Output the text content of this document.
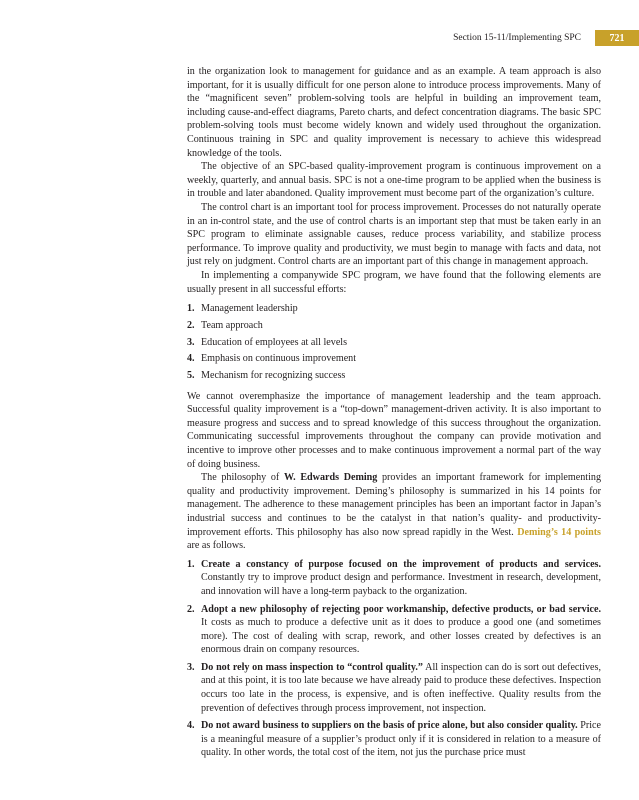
Section 15-11/Implementing SPC	721

in the organization look to management for guidance and as an example. A team approach is also important, for it is usually difficult for one person alone to introduce process improvements. Many of the “magnificent seven” problem-solving tools are helpful in building an improvement team, including cause-and-effect diagrams, Pareto charts, and defect concentration diagrams. The basic SPC problem-solving tools must become widely known and widely used throughout the organization. Continuous training in SPC and quality improvement is necessary to achieve this widespread knowledge of the tools.

The objective of an SPC-based quality-improvement program is continuous improvement on a weekly, quarterly, and annual basis. SPC is not a one-time program to be applied when the business is in trouble and later abandoned. Quality improvement must become part of the organization’s culture.

The control chart is an important tool for process improvement. Processes do not naturally operate in an in-control state, and the use of control charts is an important step that must be taken early in an SPC program to eliminate assignable causes, reduce process variability, and stabilize process performance. To improve quality and productivity, we must begin to manage with facts and data, not just rely on judgment. Control charts are an important part of this change in management approach.

In implementing a companywide SPC program, we have found that the following elements are usually present in all successful efforts:

1. Management leadership
2. Team approach
3. Education of employees at all levels
4. Emphasis on continuous improvement
5. Mechanism for recognizing success

We cannot overemphasize the importance of management leadership and the team approach. Successful quality improvement is a “top-down” management-driven activity. It is also important to measure progress and success and to spread knowledge of this success throughout the organization. Communicating successful improvements throughout the company can provide motivation and incentive to improve other processes and to make continuous improvement a normal part of the way of doing business.

The philosophy of W. Edwards Deming provides an important framework for implementing quality and productivity improvement. Deming’s philosophy is summarized in his 14 points for management. The adherence to these management principles has been an important factor in Japan’s industrial success and continues to be the catalyst in that nation’s quality- and productivity-improvement efforts. This philosophy has also now spread rapidly in the West. Deming’s 14 points are as follows.

1. Create a constancy of purpose focused on the improvement of products and services. Constantly try to improve product design and performance. Investment in research, development, and innovation will have a long-term payback to the organization.
2. Adopt a new philosophy of rejecting poor workmanship, defective products, or bad service. It costs as much to produce a defective unit as it does to produce a good one (and sometimes more). The cost of dealing with scrap, rework, and other losses created by defectives is an enormous drain on company resources.
3. Do not rely on mass inspection to “control quality.” All inspection can do is sort out defectives, and at this point, it is too late because we have already paid to produce these defectives. Inspection occurs too late in the process, is expensive, and is often ineffective. Quality results from the prevention of defectives through process improvement, not inspection.
4. Do not award business to suppliers on the basis of price alone, but also consider quality. Price is a meaningful measure of a supplier’s product only if it is considered in relation to a measure of quality. In other words, the total cost of the item, not jus the purchase price must
